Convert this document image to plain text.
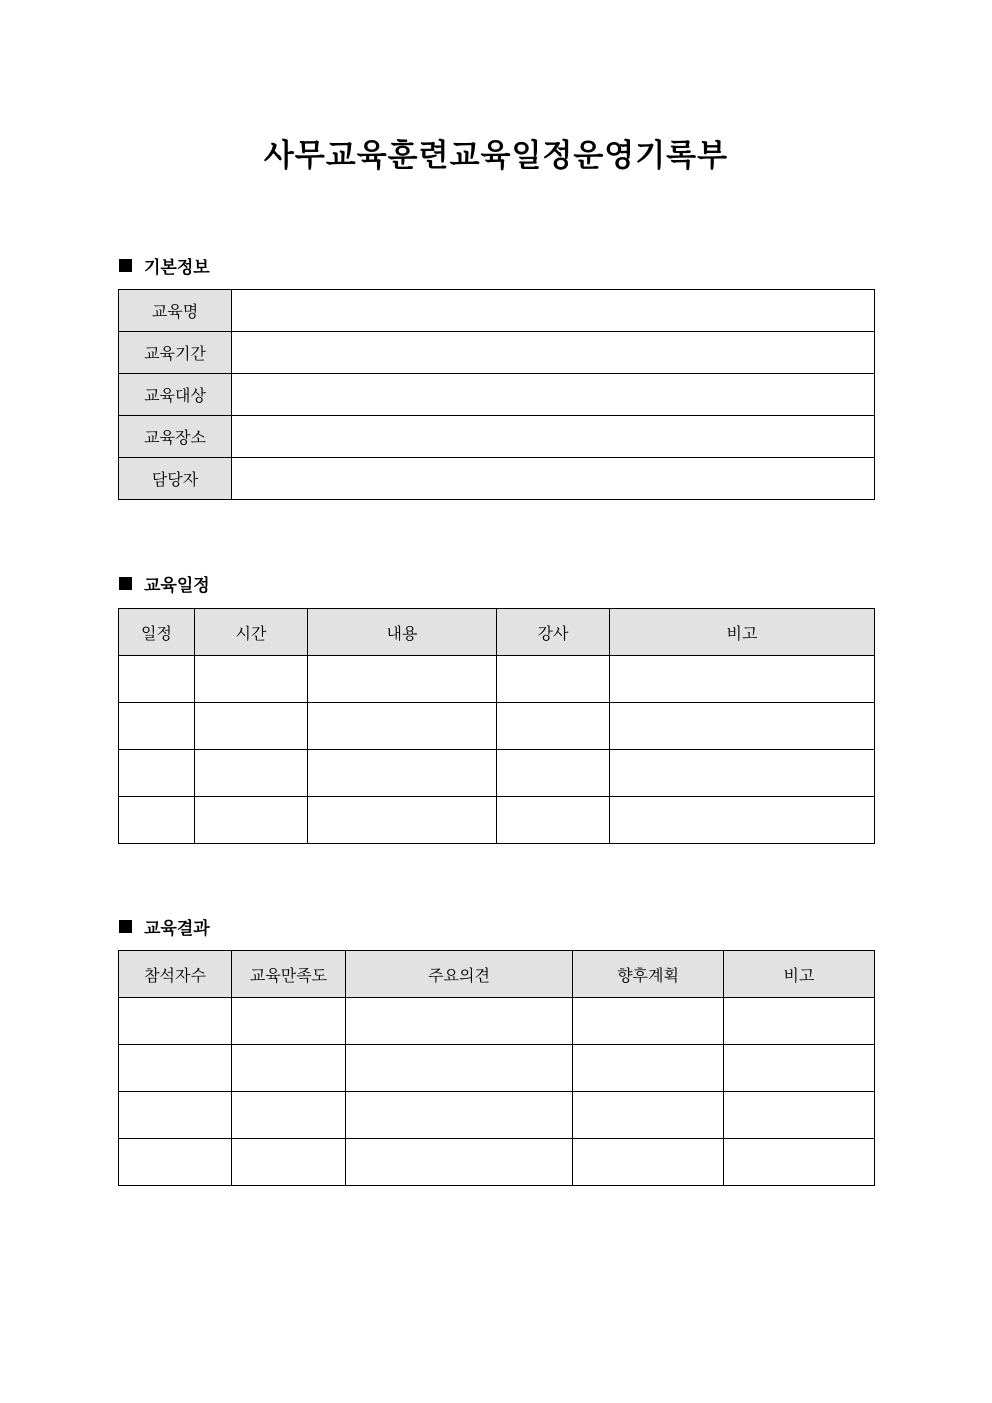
사무교육훈련교육일정운영기록부
기본정보
교육명	
교육기간	
교육대상	
교육장소	
담당자	
교육일정
일정	시간	내용	강사	비고

교육결과
참석자수	교육만족도	주요의견	향후계획	비고
